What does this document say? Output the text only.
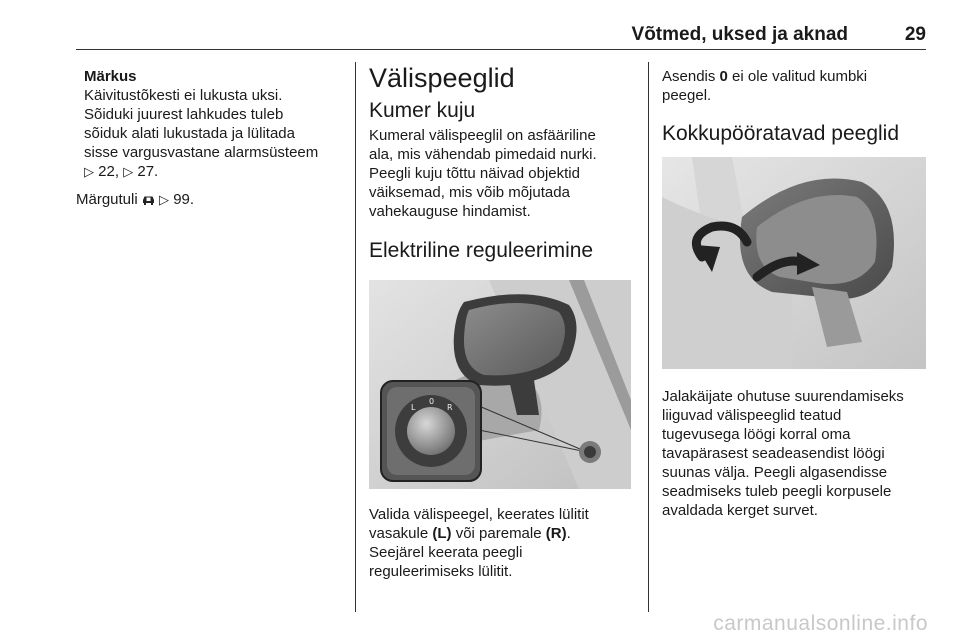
Võtmed, uksed ja aknad	29

Märkus

Käivitustõkesti ei lukusta uksi.

Sõiduki juurest lahkudes tuleb

sõiduk alati lukustada ja lülitada

sisse vargusvastane alarmsüsteem

▷ 22, ▷ 27.

Märgutuli  ▷ 99.

Välispeeglid
Kumer kuju

Kumeral välispeeglil on asfääriline

ala, mis vähendab pimedaid nurki.

Peegli kuju tõttu näivad objektid

väiksemad, mis võib mõjutada

vahekauguse hindamist.

Elektriline reguleerimine
L
0
R

Valida välispeegel, keerates lülitit

vasakule (L) või paremale (R).

Seejärel keerata peegli

reguleerimiseks lülitit.

Asendis 0 ei ole valitud kumbki

peegel.

Kokkupööratavad peeglid

Jalakäijate ohutuse suurendamiseks

liiguvad välispeeglid teatud

tugevusega löögi korral oma

tavapärasest seadeasendist löögi

suunas välja. Peegli algasendisse

seadmiseks tuleb peegli korpusele

avaldada kerget survet.

carmanualsonline.info
